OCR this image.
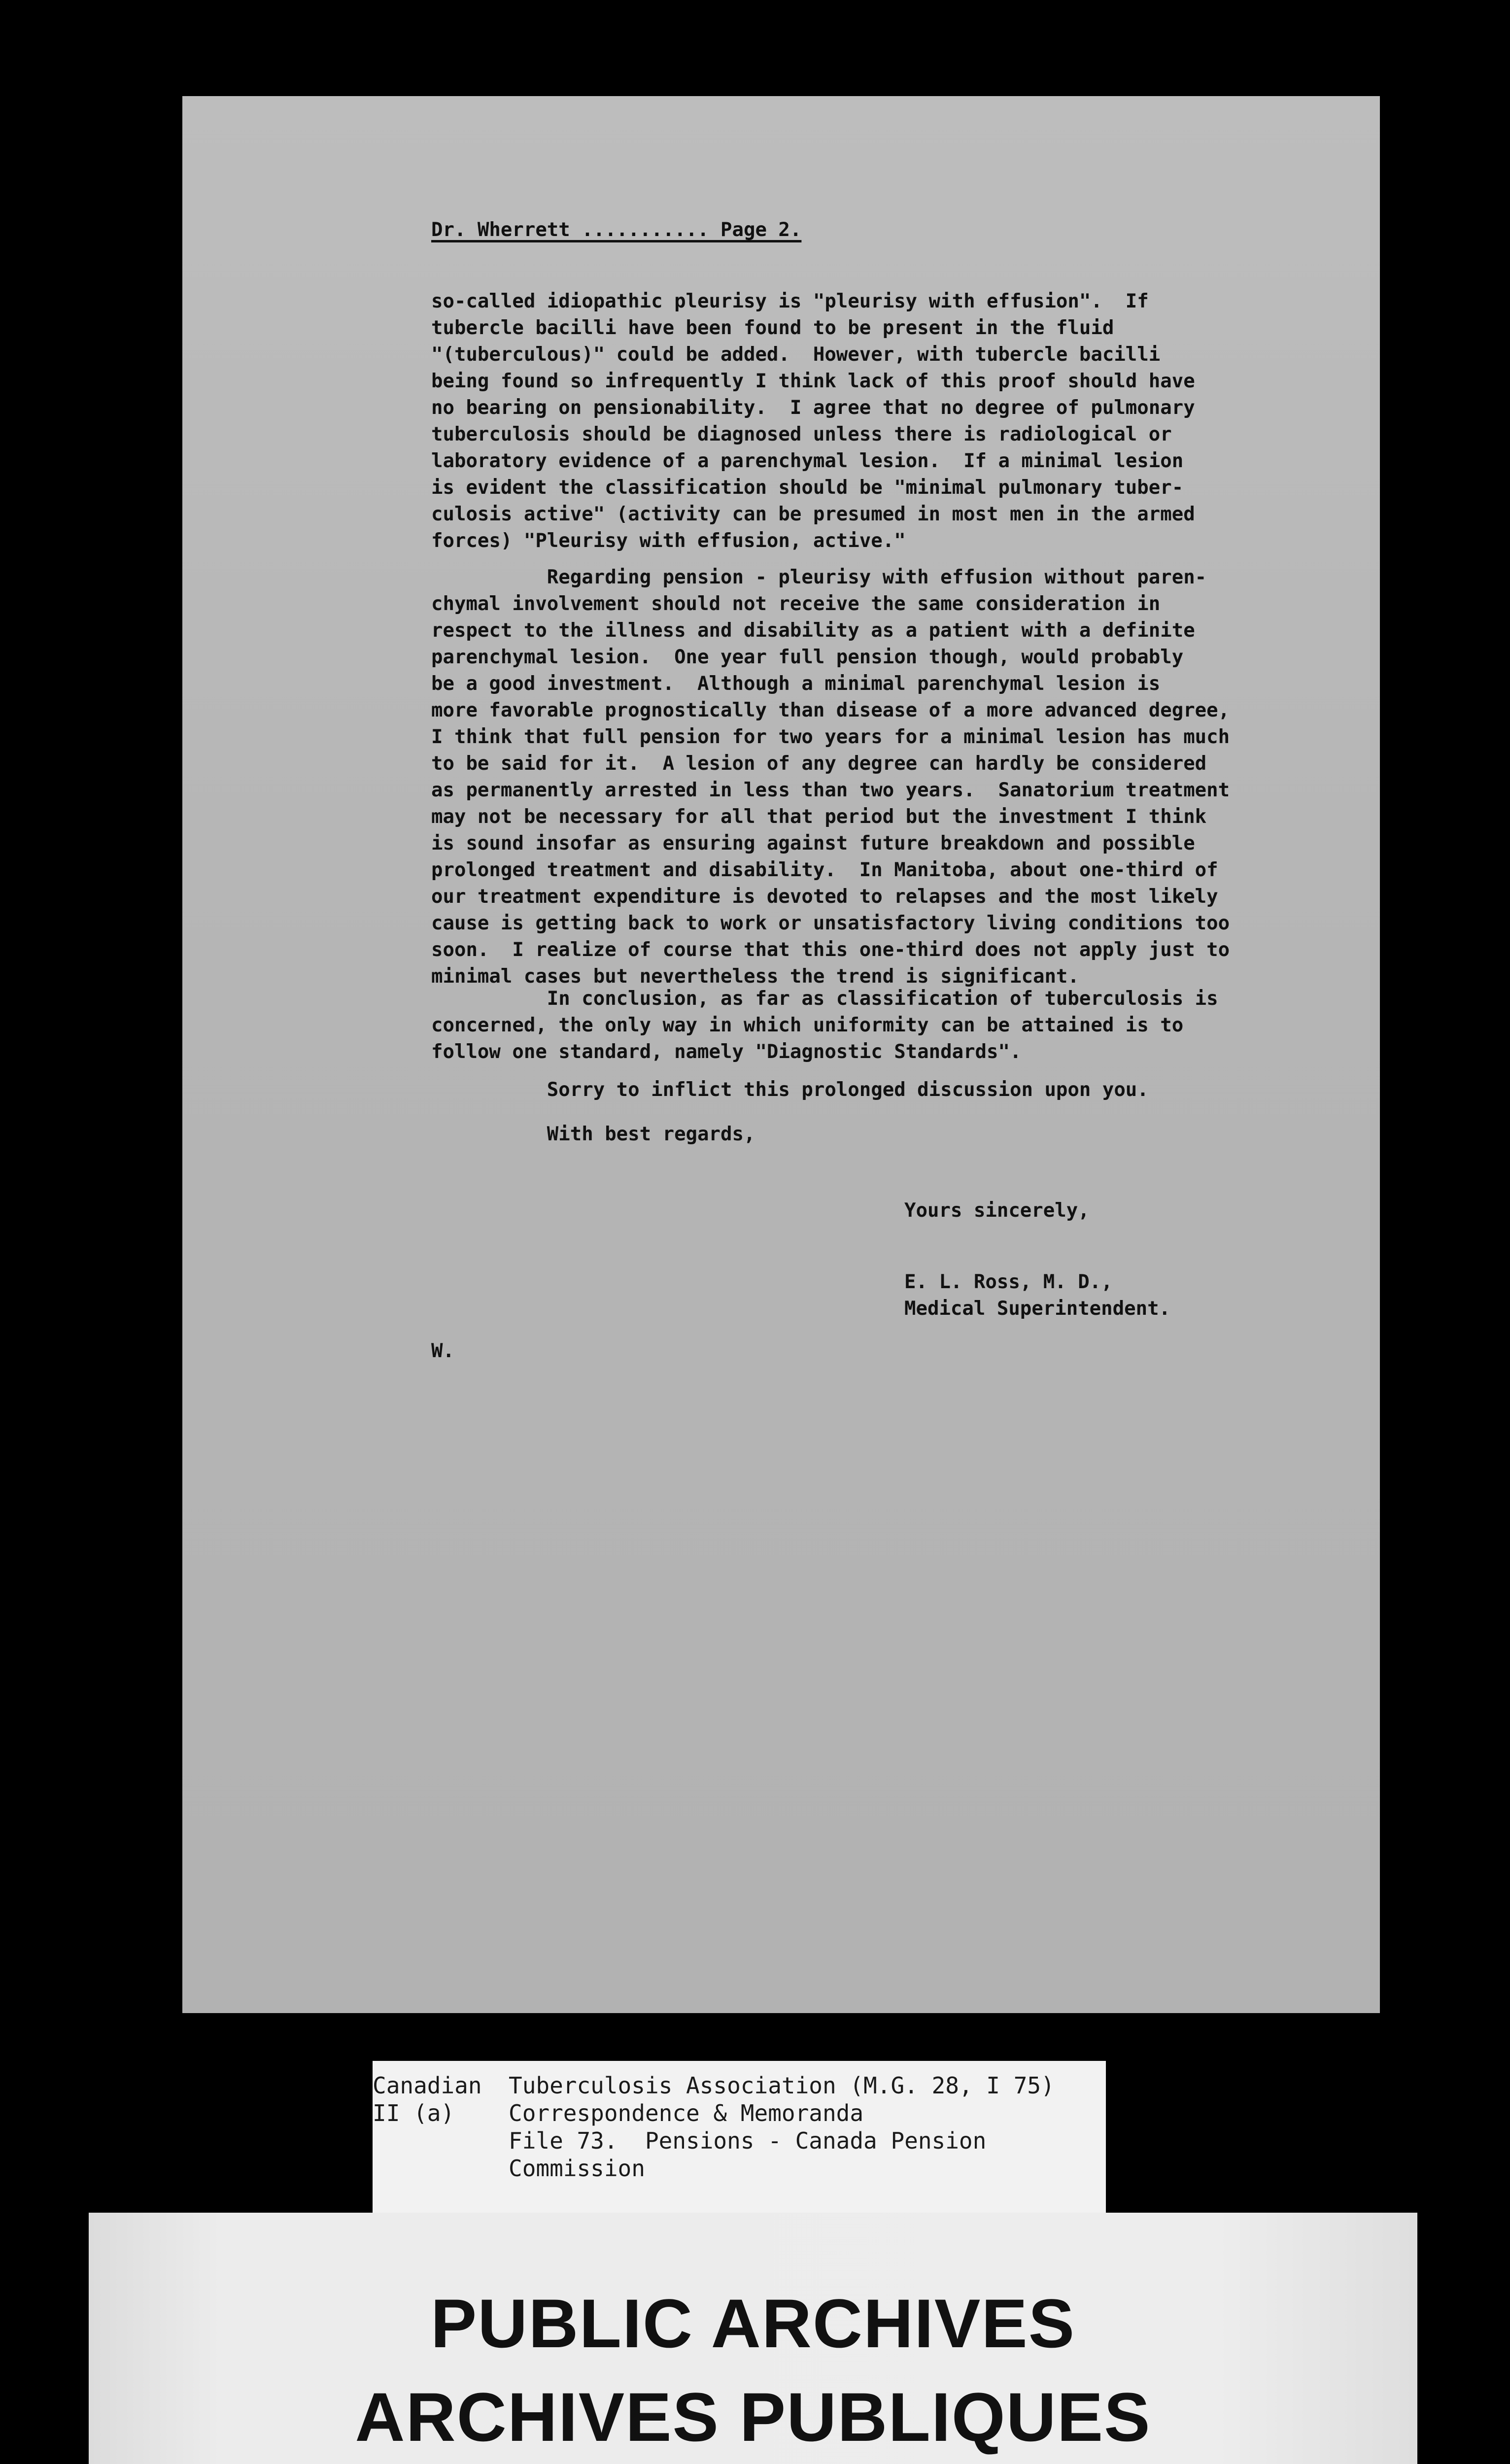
Dr. Wherrett ........... Page 2.
so-called idiopathic pleurisy is "pleurisy with effusion".  If
tubercle bacilli have been found to be present in the fluid
"(tuberculous)" could be added.  However, with tubercle bacilli
being found so infrequently I think lack of this proof should have
no bearing on pensionability.  I agree that no degree of pulmonary
tuberculosis should be diagnosed unless there is radiological or
laboratory evidence of a parenchymal lesion.  If a minimal lesion
is evident the classification should be "minimal pulmonary tuber-
culosis active" (activity can be presumed in most men in the armed
forces) "Pleurisy with effusion, active."
Regarding pension - pleurisy with effusion without paren-
chymal involvement should not receive the same consideration in
respect to the illness and disability as a patient with a definite
parenchymal lesion.  One year full pension though, would probably
be a good investment.  Although a minimal parenchymal lesion is
more favorable prognostically than disease of a more advanced degree,
I think that full pension for two years for a minimal lesion has much
to be said for it.  A lesion of any degree can hardly be considered
as permanently arrested in less than two years.  Sanatorium treatment
may not be necessary for all that period but the investment I think
is sound insofar as ensuring against future breakdown and possible
prolonged treatment and disability.  In Manitoba, about one-third of
our treatment expenditure is devoted to relapses and the most likely
cause is getting back to work or unsatisfactory living conditions too
soon.  I realize of course that this one-third does not apply just to
minimal cases but nevertheless the trend is significant.
In conclusion, as far as classification of tuberculosis is
concerned, the only way in which uniformity can be attained is to
follow one standard, namely "Diagnostic Standards".
Sorry to inflict this prolonged discussion upon you.
With best regards,
Yours sincerely,
E. L. Ross, M. D.,
Medical Superintendent.
W.
Canadian Tuberculosis Association (M.G. 28, I 75)
II (a) Correspondence & Memoranda
File 73.  Pensions - Canada Pension
Commission
PUBLIC ARCHIVES
ARCHIVES PUBLIQUES
